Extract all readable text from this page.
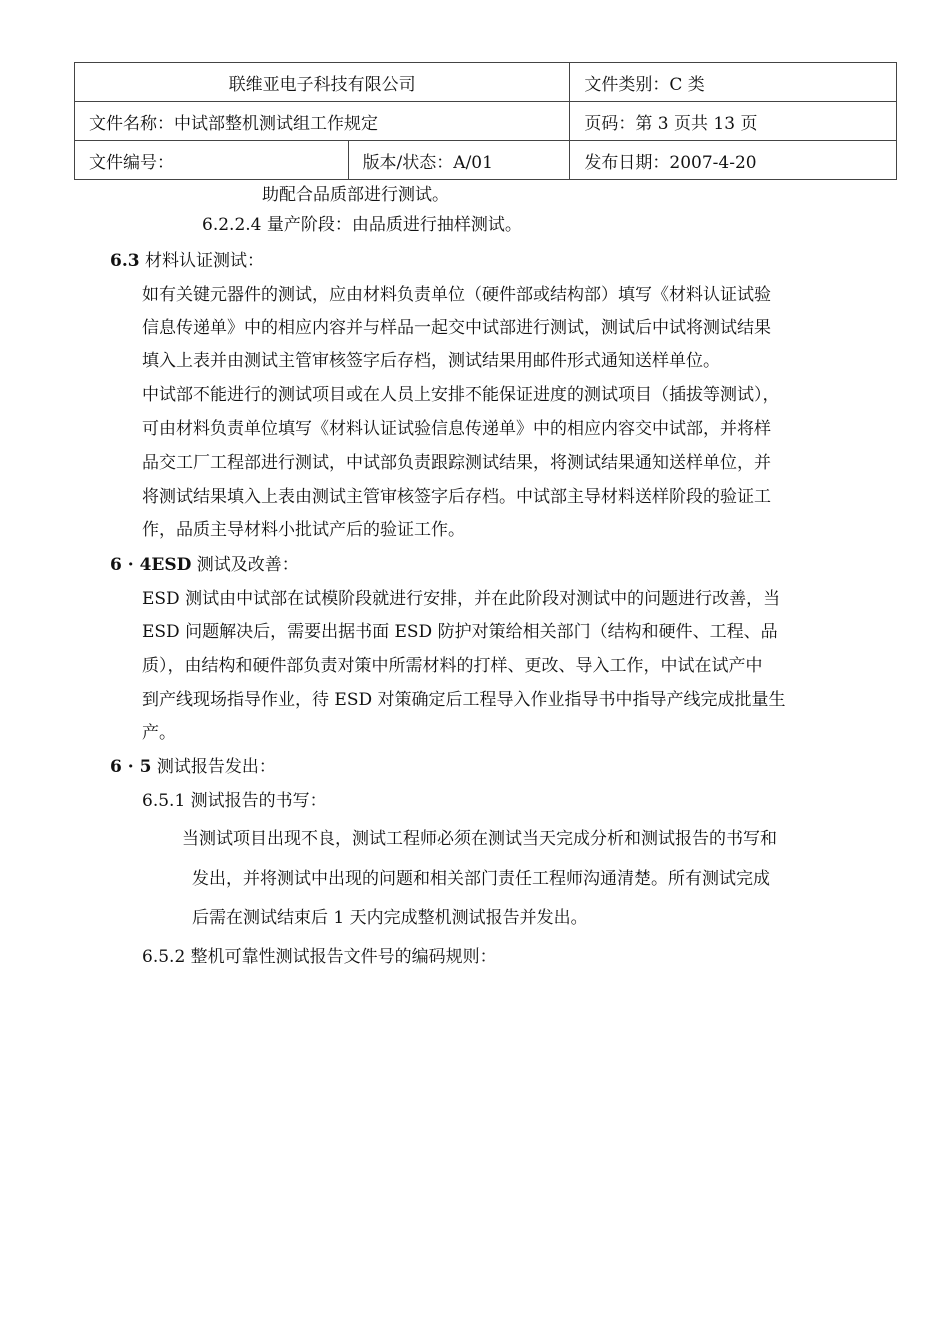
联维亚电子科技有限公司		文件类别：C 类
文件名称：中试部整机测试组工作规定		页码：第 3 页共 13 页
文件编号：	版本/状态：A/01	发布日期：2007-4-20
助配合品质部进行测试。
6.2.2.4 量产阶段：由品质进行抽样测试。
6.3 材料认证测试：
如有关键元器件的测试，应由材料负责单位（硬件部或结构部）填写《材料认证试验
信息传递单》中的相应内容并与样品一起交中试部进行测试，测试后中试将测试结果
填入上表并由测试主管审核签字后存档，测试结果用邮件形式通知送样单位。
中试部不能进行的测试项目或在人员上安排不能保证进度的测试项目（插拔等测试），
可由材料负责单位填写《材料认证试验信息传递单》中的相应内容交中试部，并将样
品交工厂工程部进行测试，中试部负责跟踪测试结果，将测试结果通知送样单位，并
将测试结果填入上表由测试主管审核签字后存档。中试部主导材料送样阶段的验证工
作，品质主导材料小批试产后的验证工作。
6 · 4ESD 测试及改善：
ESD 测试由中试部在试模阶段就进行安排，并在此阶段对测试中的问题进行改善，当
ESD 问题解决后，需要出据书面 ESD 防护对策给相关部门（结构和硬件、工程、品
质），由结构和硬件部负责对策中所需材料的打样、更改、导入工作，中试在试产中
到产线现场指导作业，待 ESD 对策确定后工程导入作业指导书中指导产线完成批量生
产。
6 · 5 测试报告发出：
6.5.1 测试报告的书写：
当测试项目出现不良，测试工程师必须在测试当天完成分析和测试报告的书写和
发出，并将测试中出现的问题和相关部门责任工程师沟通清楚。所有测试完成
后需在测试结束后 1 天内完成整机测试报告并发出。
6.5.2 整机可靠性测试报告文件号的编码规则：
